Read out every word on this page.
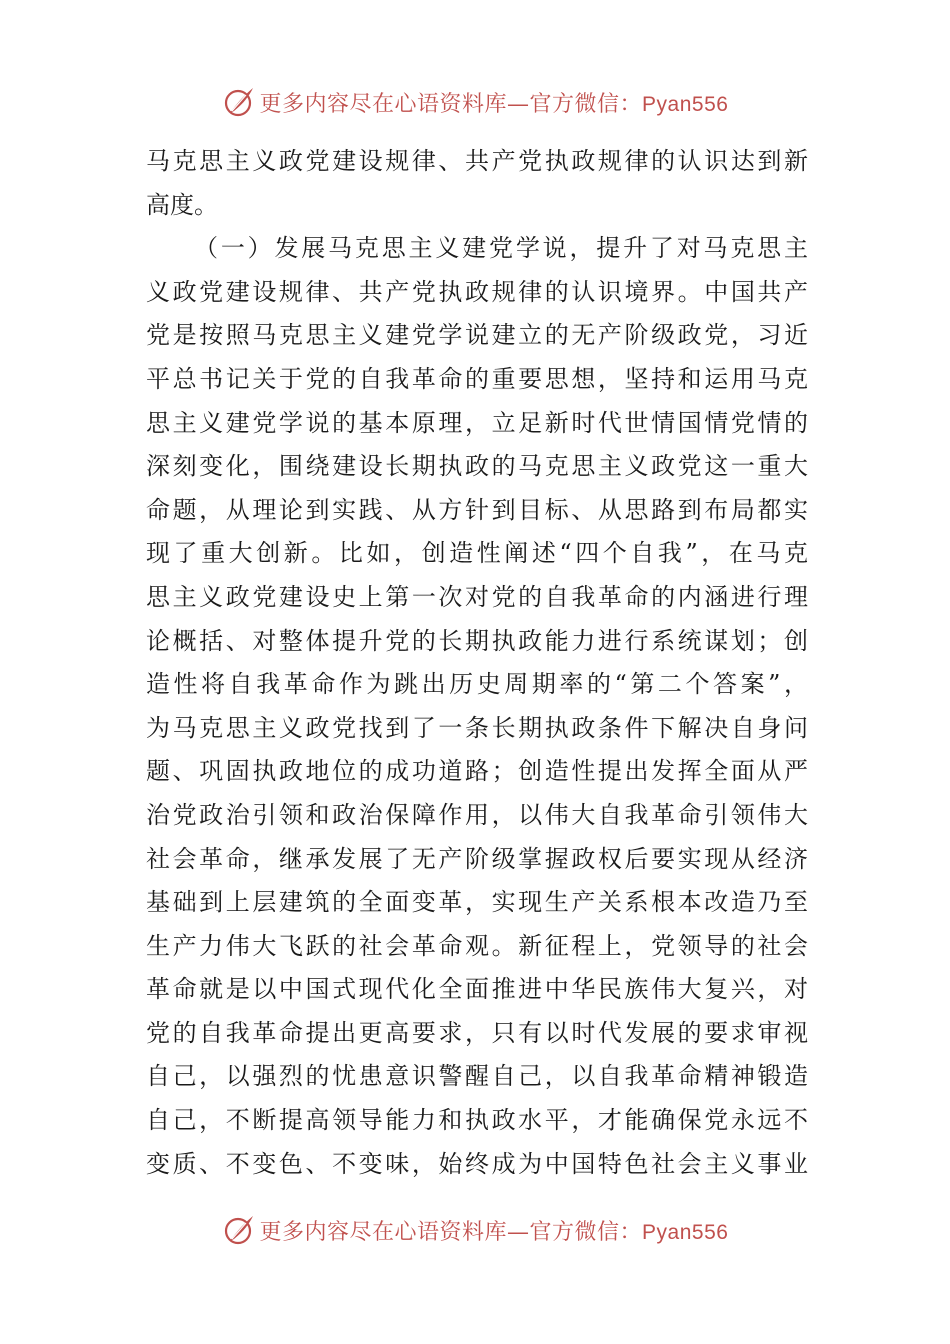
更多内容尽在心语资料库—官方微信：Pyan556
马克思主义政党建设规律、共产党执政规律的认识达到新
高度。
（一）发展马克思主义建党学说，提升了对马克思主
义政党建设规律、共产党执政规律的认识境界。中国共产
党是按照马克思主义建党学说建立的无产阶级政党，习近
平总书记关于党的自我革命的重要思想，坚持和运用马克
思主义建党学说的基本原理，立足新时代世情国情党情的
深刻变化，围绕建设长期执政的马克思主义政党这一重大
命题，从理论到实践、从方针到目标、从思路到布局都实
现了重大创新。比如，创造性阐述“四个自我”，在马克
思主义政党建设史上第一次对党的自我革命的内涵进行理
论概括、对整体提升党的长期执政能力进行系统谋划；创
造性将自我革命作为跳出历史周期率的“第二个答案”，
为马克思主义政党找到了一条长期执政条件下解决自身问
题、巩固执政地位的成功道路；创造性提出发挥全面从严
治党政治引领和政治保障作用，以伟大自我革命引领伟大
社会革命，继承发展了无产阶级掌握政权后要实现从经济
基础到上层建筑的全面变革，实现生产关系根本改造乃至
生产力伟大飞跃的社会革命观。新征程上，党领导的社会
革命就是以中国式现代化全面推进中华民族伟大复兴，对
党的自我革命提出更高要求，只有以时代发展的要求审视
自己，以强烈的忧患意识警醒自己，以自我革命精神锻造
自己，不断提高领导能力和执政水平，才能确保党永远不
变质、不变色、不变味，始终成为中国特色社会主义事业
更多内容尽在心语资料库—官方微信：Pyan556
